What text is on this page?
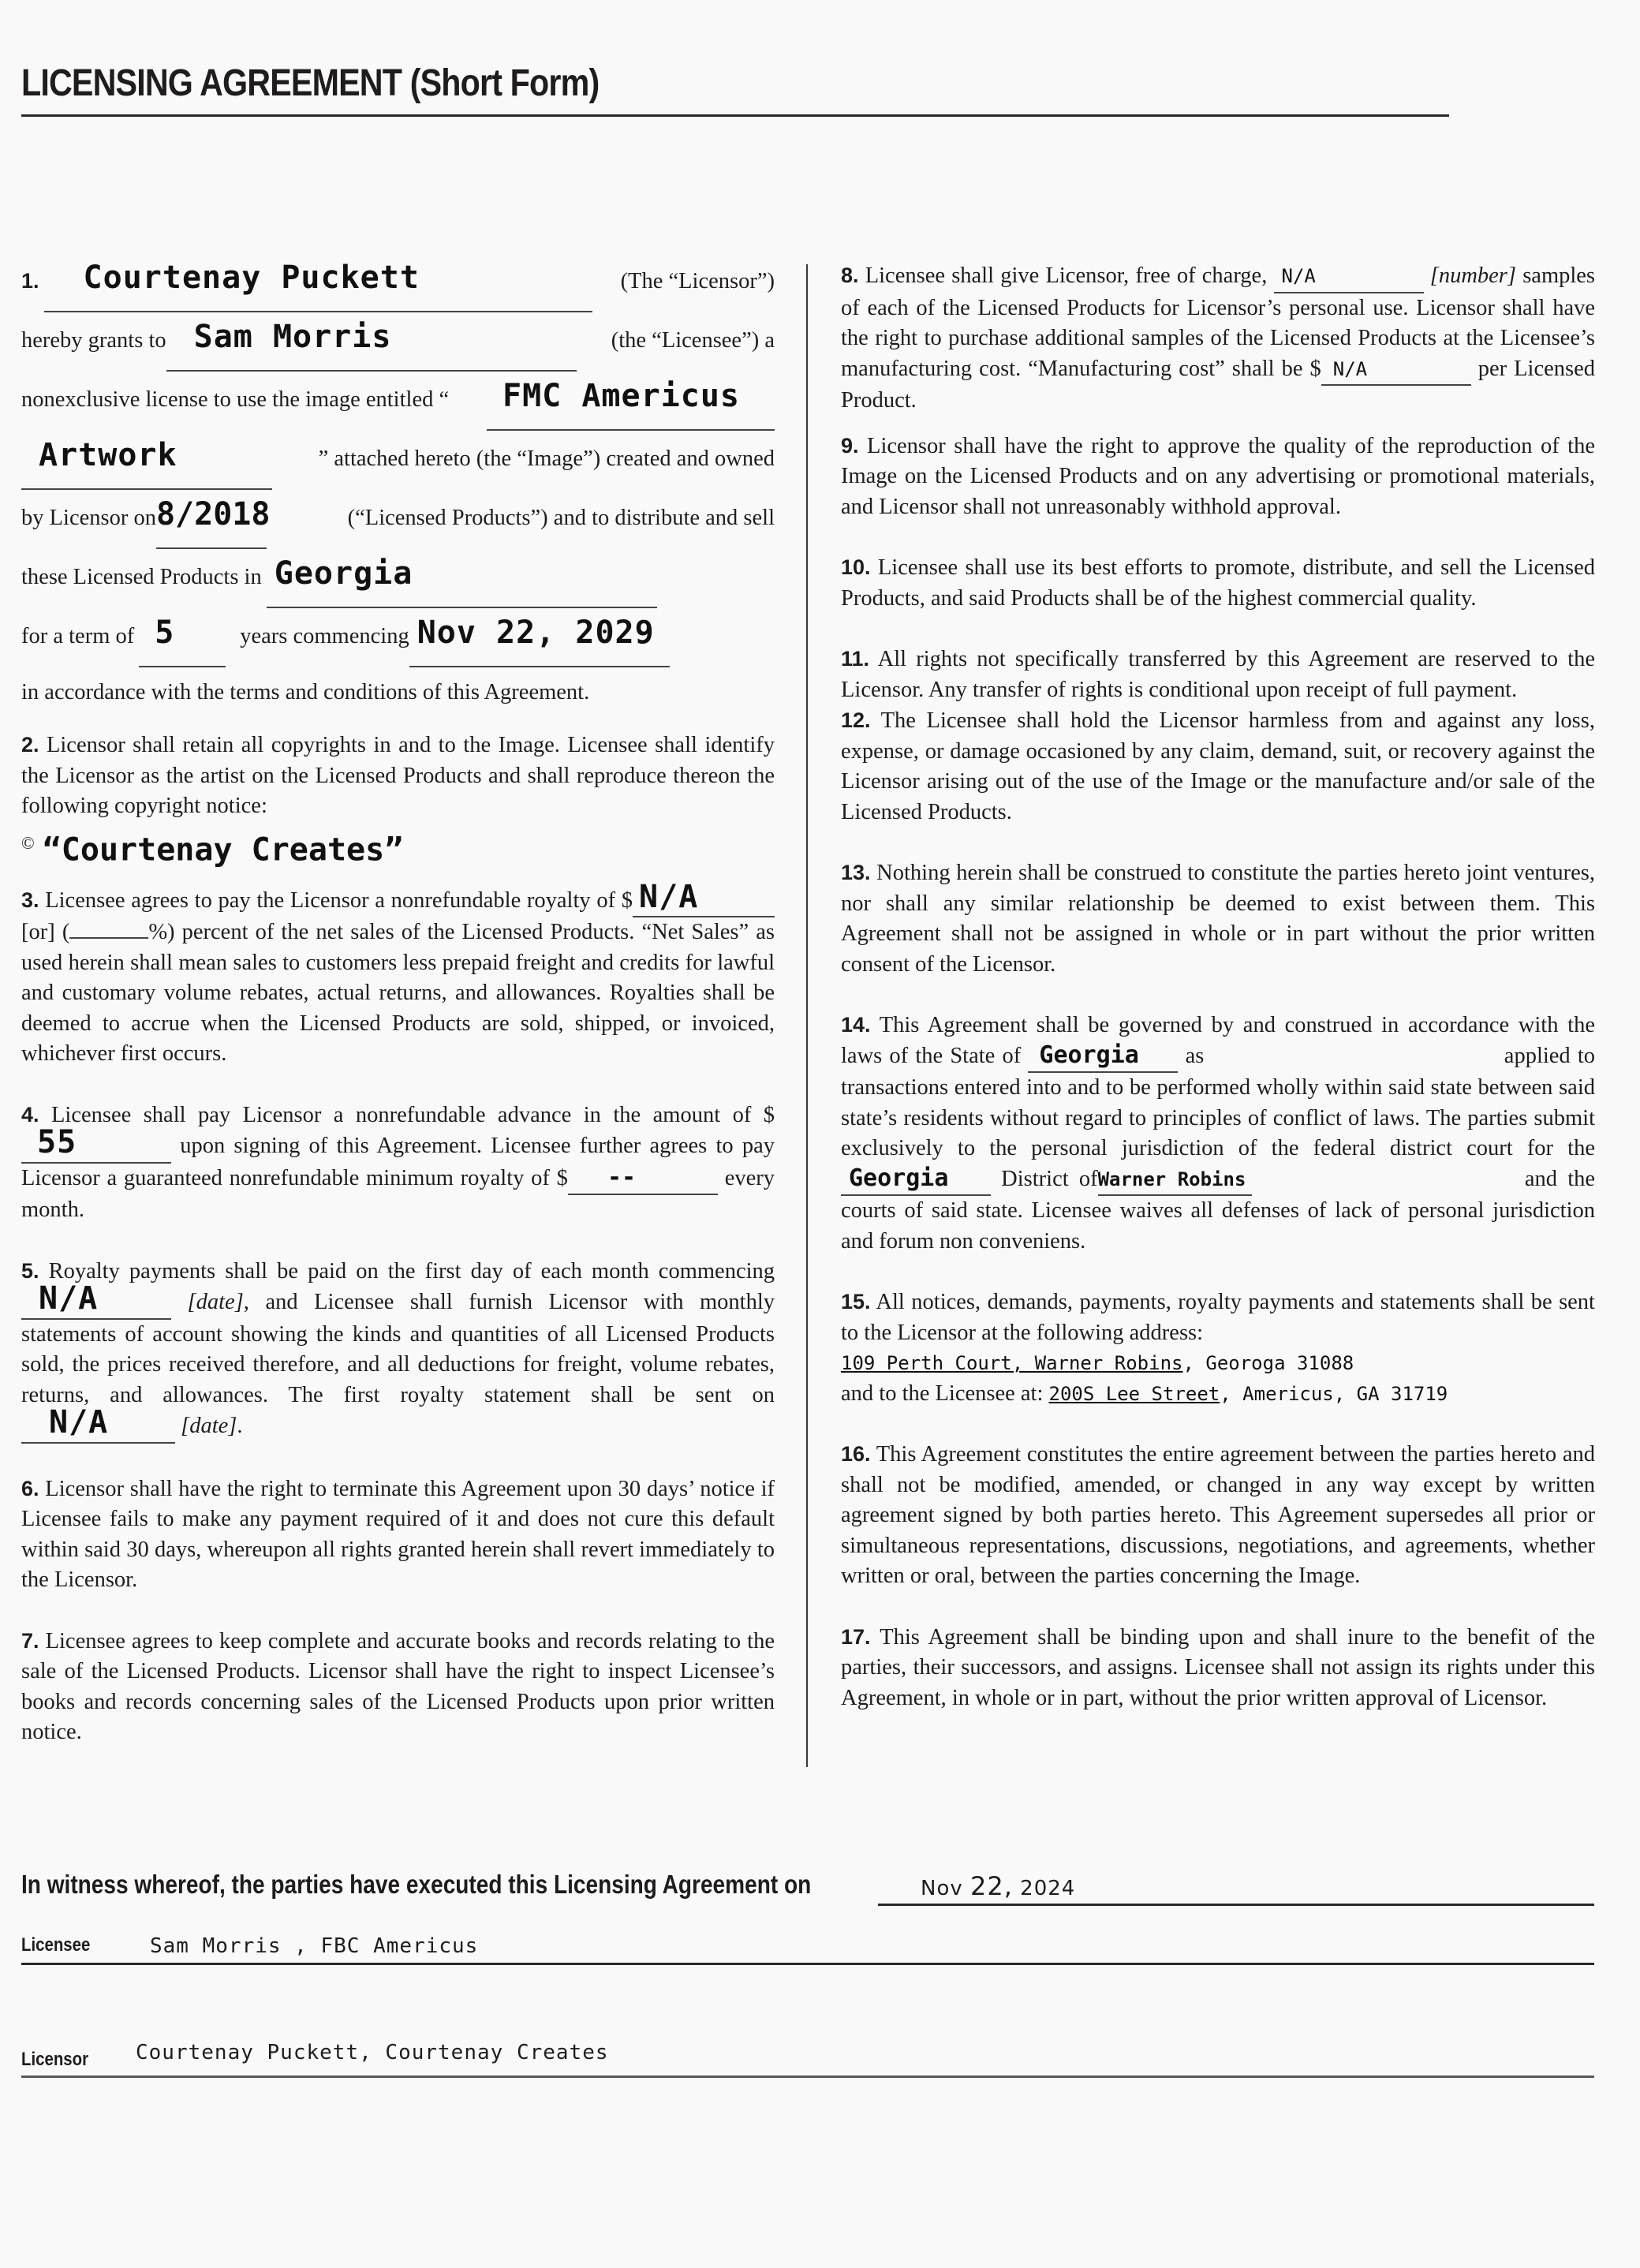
LICENSING AGREEMENT (Short Form)
1.	Courtenay Puckett	(The “Licensor”)
hereby grants to Sam Morris	(the “Licensee”) a
nonexclusive license to use the image entitled “	FMC Americus
Artwork	” attached hereto (the “Image”) created and owned
by Licensor on 8/2018	(“Licensed Products”) and to distribute and sell
these Licensed Products in Georgia
for a term of 5	years commencing Nov 22, 2029
in accordance with the terms and conditions of this Agreement.
2. Licensor shall retain all copyrights in and to the Image. Licensee shall identify the Licensor as the artist on the Licensed Products and shall reproduce thereon the following copyright notice:
© “Courtenay Creates”
3. Licensee agrees to pay the Licensor a nonrefundable royalty of $ N/A [or] (	%) percent of the net sales of the Licensed Products. “Net Sales” as used herein shall mean sales to customers less prepaid freight and credits for lawful and customary volume rebates, actual returns, and allowances. Royalties shall be deemed to accrue when the Licensed Products are sold, shipped, or invoiced, whichever first occurs.
4. Licensee shall pay Licensor a nonrefundable advance in the amount of $55	upon signing of this Agreement. Licensee further agrees to pay Licensor a guaranteed nonrefundable minimum royalty of $ --	every month.
5. Royalty payments shall be paid on the first day of each month commencing N/A	[date], and Licensee shall furnish Licensor with monthly statements of account showing the kinds and quantities of all Licensed Products sold, the prices received therefore, and all deductions for freight, volume rebates, returns, and allowances. The first royalty statement shall be sent on N/A	[date].
6. Licensor shall have the right to terminate this Agreement upon 30 days’ notice if Licensee fails to make any payment required of it and does not cure this default within said 30 days, whereupon all rights granted herein shall revert immediately to the Licensor.
7. Licensee agrees to keep complete and accurate books and records relating to the sale of the Licensed Products. Licensor shall have the right to inspect Licensee’s books and records concerning sales of the Licensed Products upon prior written notice.
8. Licensee shall give Licensor, free of charge, N/A	[number] samples of each of the Licensed Products for Licensor’s personal use. Licensor shall have the right to purchase additional samples of the Licensed Products at the Licensee’s manufacturing cost. “Manufacturing cost” shall be $ N/A	per Licensed Product.
9. Licensor shall have the right to approve the quality of the reproduction of the Image on the Licensed Products and on any advertising or promotional materials, and Licensor shall not unreasonably withhold approval.
10. Licensee shall use its best efforts to promote, distribute, and sell the Licensed Products, and said Products shall be of the highest commercial quality.
11. All rights not specifically transferred by this Agreement are reserved to the Licensor. Any transfer of rights is conditional upon receipt of full payment.
12. The Licensee shall hold the Licensor harmless from and against any loss, expense, or damage occasioned by any claim, demand, suit, or recovery against the Licensor arising out of the use of the Image or the manufacture and/or sale of the Licensed Products.
13. Nothing herein shall be construed to constitute the parties hereto joint ventures, nor shall any similar relationship be deemed to exist between them. This Agreement shall not be assigned in whole or in part without the prior written consent of the Licensor.
14. This Agreement shall be governed by and construed in accordance with the laws of the State of Georgia as	applied to transactions entered into and to be performed wholly within said state between said state’s residents without regard to principles of conflict of laws. The parties submit exclusively to the personal jurisdiction of the federal district court for the Georgia District ofWarner Robins	and the courts of said state. Licensee waives all defenses of lack of personal jurisdiction and forum non conveniens.
15. All notices, demands, payments, royalty payments and statements shall be sent to the Licensor at the following address:
109 Perth Court, Warner Robins, Georoga 31088
and to the Licensee at: 200S Lee Street, Americus, GA 31719
16. This Agreement constitutes the entire agreement between the parties hereto and shall not be modified, amended, or changed in any way except by written agreement signed by both parties hereto. This Agreement supersedes all prior or simultaneous representations, discussions, negotiations, and agreements, whether written or oral, between the parties concerning the Image.
17. This Agreement shall be binding upon and shall inure to the benefit of the parties, their successors, and assigns. Licensee shall not assign its rights under this Agreement, in whole or in part, without the prior written approval of Licensor.
In witness whereof, the parties have executed this Licensing Agreement on	Nov 22, 2024
Licensee	Sam Morris , FBC Americus
Licensor Courtenay Puckett, Courtenay Creates
